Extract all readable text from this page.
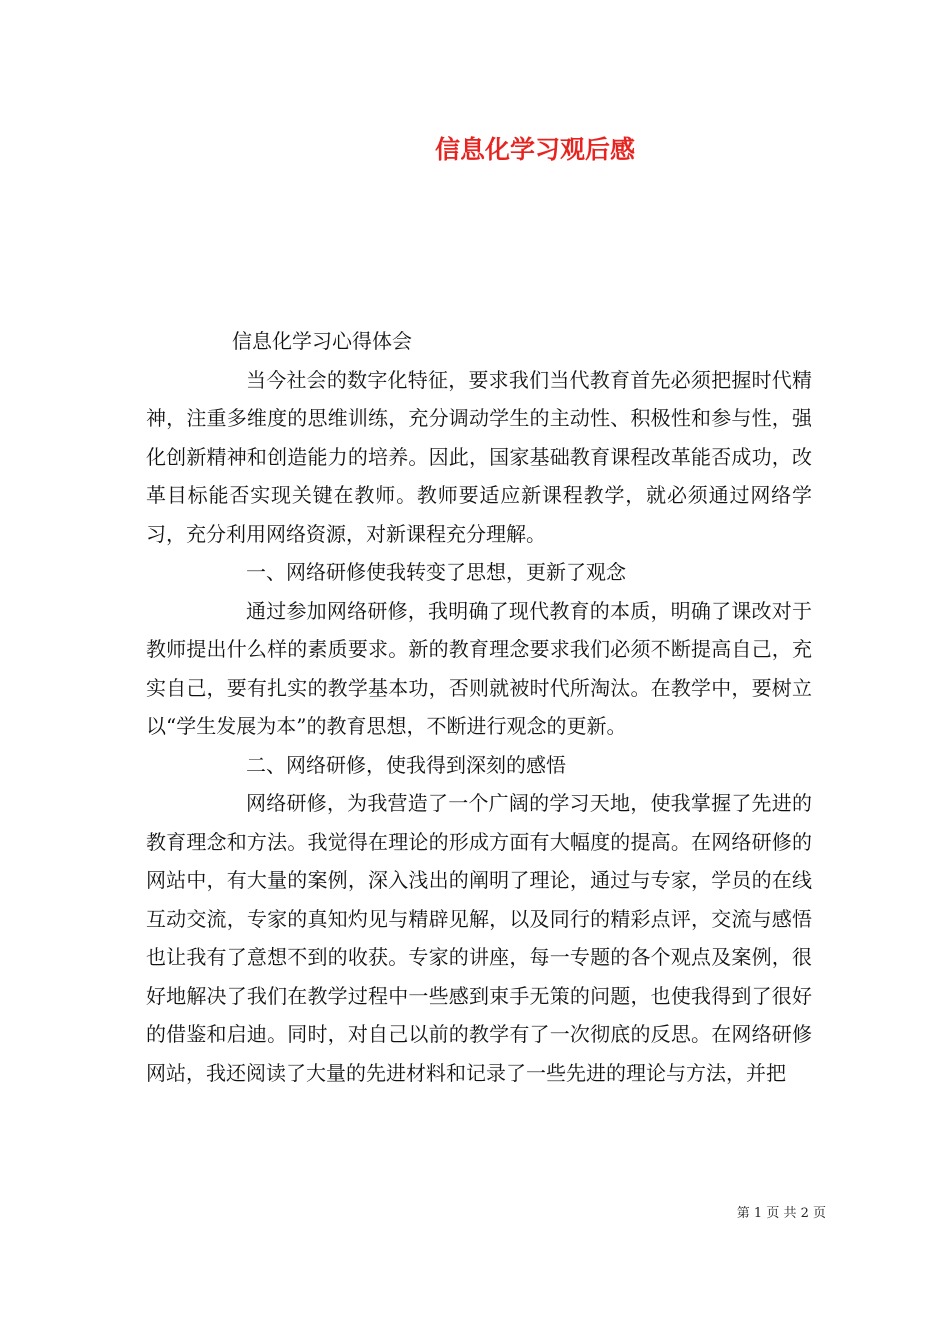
信息化学习观后感

信息化学习心得体会

当今社会的数字化特征，要求我们当代教育首先必须把握时代精神，注重多维度的思维训练，充分调动学生的主动性、积极性和参与性，强化创新精神和创造能力的培养。因此，国家基础教育课程改革能否成功，改革目标能否实现关键在教师。教师要适应新课程教学，就必须通过网络学习，充分利用网络资源，对新课程充分理解。

一、网络研修使我转变了思想，更新了观念

通过参加网络研修，我明确了现代教育的本质，明确了课改对于教师提出什么样的素质要求。新的教育理念要求我们必须不断提高自己，充实自己，要有扎实的教学基本功，否则就被时代所淘汰。在教学中，要树立以“学生发展为本”的教育思想，不断进行观念的更新。

二、网络研修，使我得到深刻的感悟

网络研修，为我营造了一个广阔的学习天地，使我掌握了先进的教育理念和方法。我觉得在理论的形成方面有大幅度的提高。在网络研修的网站中，有大量的案例，深入浅出的阐明了理论，通过与专家，学员的在线互动交流，专家的真知灼见与精辟见解，以及同行的精彩点评，交流与感悟也让我有了意想不到的收获。专家的讲座，每一专题的各个观点及案例，很好地解决了我们在教学过程中一些感到束手无策的问题，也使我得到了很好的借鉴和启迪。同时，对自己以前的教学有了一次彻底的反思。在网络研修网站，我还阅读了大量的先进材料和记录了一些先进的理论与方法，并把

第 1 页 共 2 页
